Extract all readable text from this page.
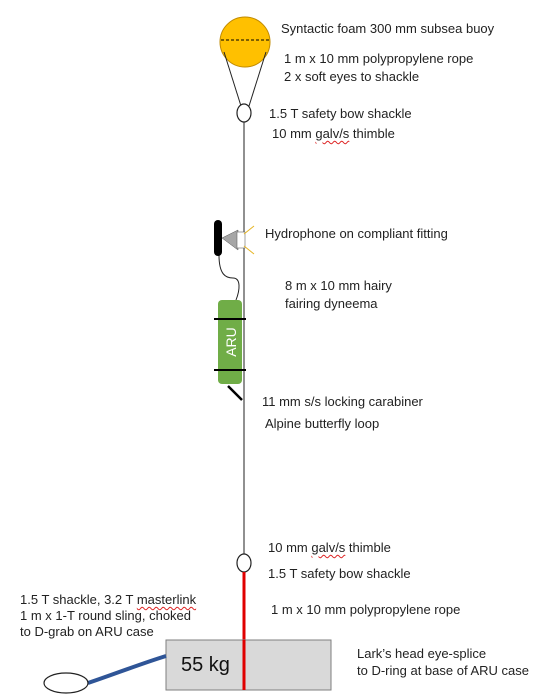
ARU
Syntactic foam 300 mm subsea buoy
1 m x 10 mm polypropylene rope
2 x soft eyes to shackle
1.5 T safety bow shackle
10 mm galv/s thimble
Hydrophone on compliant fitting
8 m x 10 mm hairy
fairing dyneema
11 mm s/s locking carabiner
Alpine butterfly loop
10 mm galv/s thimble
1.5 T safety bow shackle
1 m x 10 mm polypropylene rope
1.5 T shackle, 3.2 T masterlink
1 m x 1-T round sling, choked
to D-grab on ARU case
Lark’s head eye-splice
to D-ring at base of ARU case
55 kg
